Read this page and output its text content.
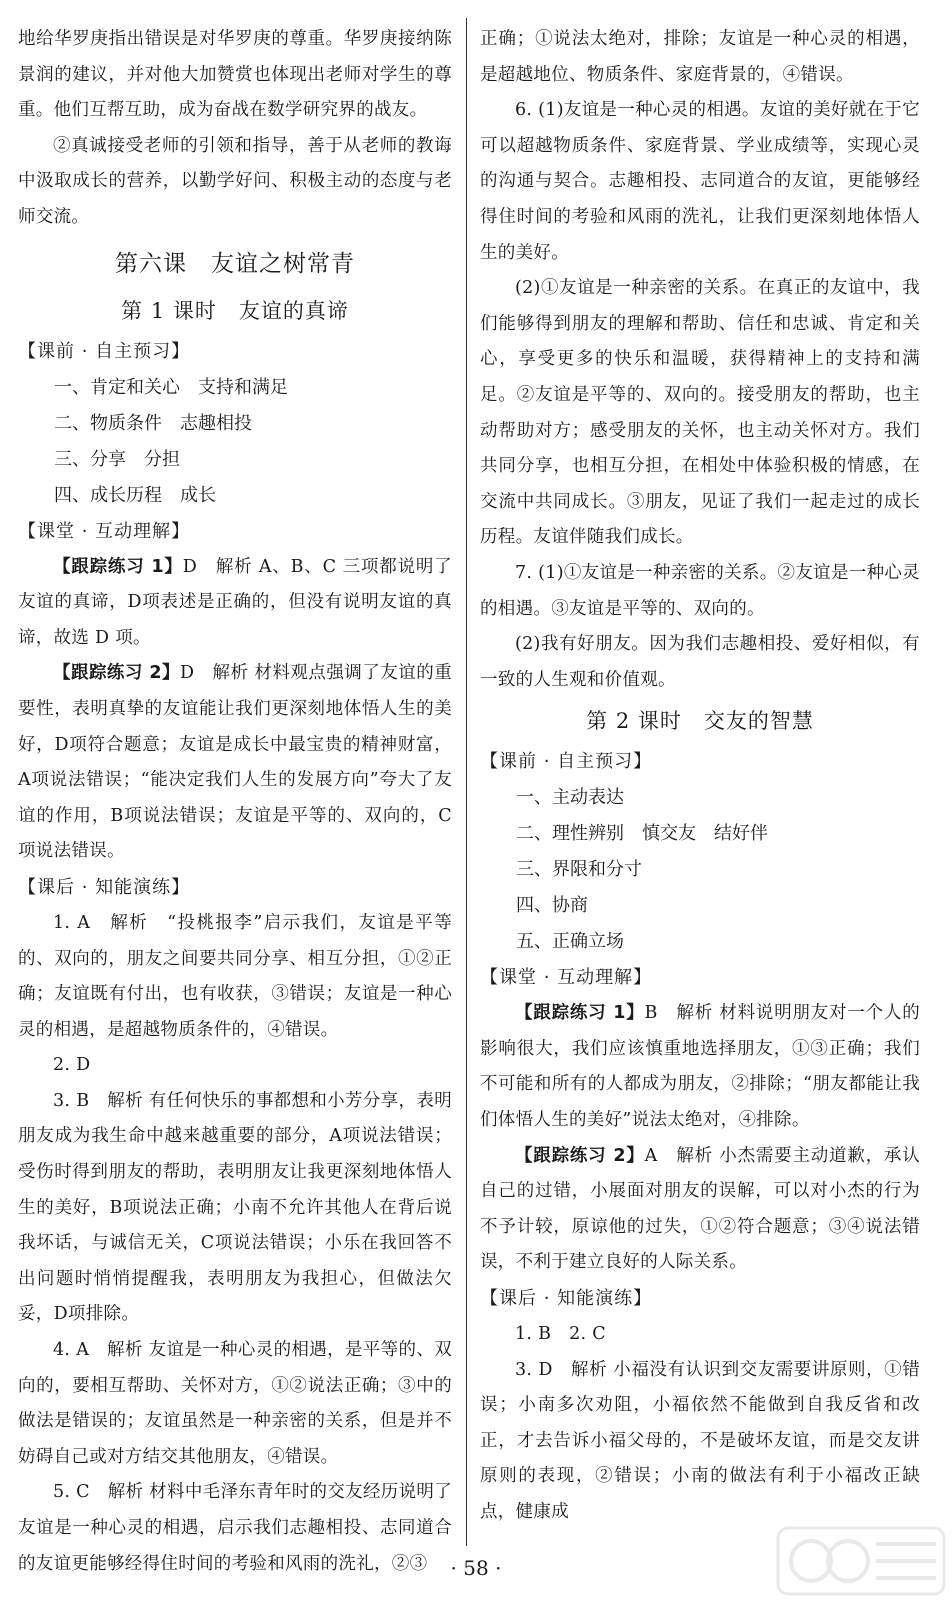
地给华罗庚指出错误是对华罗庚的尊重。华罗庚接纳陈景润的建议，并对他大加赞赏也体现出老师对学生的尊重。他们互帮互助，成为奋战在数学研究界的战友。

②真诚接受老师的引领和指导，善于从老师的教诲中汲取成长的营养，以勤学好问、积极主动的态度与老师交流。

第六课　友谊之树常青

第 1 课时　友谊的真谛

【课前 · 自主预习】

一、肯定和关心　支持和满足

二、物质条件　志趣相投

三、分享　分担

四、成长历程　成长

【课堂 · 互动理解】

【跟踪练习 1】D　解析 A、B、C 三项都说明了友谊的真谛，D项表述是正确的，但没有说明友谊的真谛，故选 D 项。

【跟踪练习 2】D　解析 材料观点强调了友谊的重要性，表明真挚的友谊能让我们更深刻地体悟人生的美好，D项符合题意；友谊是成长中最宝贵的精神财富，A项说法错误；“能决定我们人生的发展方向”夸大了友谊的作用，B项说法错误；友谊是平等的、双向的，C项说法错误。

【课后 · 知能演练】

1. A　解析　“投桃报李”启示我们，友谊是平等的、双向的，朋友之间要共同分享、相互分担，①②正确；友谊既有付出，也有收获，③错误；友谊是一种心灵的相遇，是超越物质条件的，④错误。

2. D

3. B　解析 有任何快乐的事都想和小芳分享，表明朋友成为我生命中越来越重要的部分，A项说法错误；受伤时得到朋友的帮助，表明朋友让我更深刻地体悟人生的美好，B项说法正确；小南不允许其他人在背后说我坏话，与诚信无关，C项说法错误；小乐在我回答不出问题时悄悄提醒我，表明朋友为我担心，但做法欠妥，D项排除。

4. A　解析 友谊是一种心灵的相遇，是平等的、双向的，要相互帮助、关怀对方，①②说法正确；③中的做法是错误的；友谊虽然是一种亲密的关系，但是并不妨碍自己或对方结交其他朋友，④错误。

5. C　解析 材料中毛泽东青年时的交友经历说明了友谊是一种心灵的相遇，启示我们志趣相投、志同道合的友谊更能够经得住时间的考验和风雨的洗礼，②③

正确；①说法太绝对，排除；友谊是一种心灵的相遇，是超越地位、物质条件、家庭背景的，④错误。

6. (1)友谊是一种心灵的相遇。友谊的美好就在于它可以超越物质条件、家庭背景、学业成绩等，实现心灵的沟通与契合。志趣相投、志同道合的友谊，更能够经得住时间的考验和风雨的洗礼，让我们更深刻地体悟人生的美好。

(2)①友谊是一种亲密的关系。在真正的友谊中，我们能够得到朋友的理解和帮助、信任和忠诚、肯定和关心，享受更多的快乐和温暖，获得精神上的支持和满足。②友谊是平等的、双向的。接受朋友的帮助，也主动帮助对方；感受朋友的关怀，也主动关怀对方。我们共同分享，也相互分担，在相处中体验积极的情感，在交流中共同成长。③朋友，见证了我们一起走过的成长历程。友谊伴随我们成长。

7. (1)①友谊是一种亲密的关系。②友谊是一种心灵的相遇。③友谊是平等的、双向的。

(2)我有好朋友。因为我们志趣相投、爱好相似，有一致的人生观和价值观。

第 2 课时　交友的智慧

【课前 · 自主预习】

一、主动表达

二、理性辨别　慎交友　结好伴

三、界限和分寸

四、协商

五、正确立场

【课堂 · 互动理解】

【跟踪练习 1】B　解析 材料说明朋友对一个人的影响很大，我们应该慎重地选择朋友，①③正确；我们不可能和所有的人都成为朋友，②排除；“朋友都能让我们体悟人生的美好”说法太绝对，④排除。

【跟踪练习 2】A　解析 小杰需要主动道歉，承认自己的过错，小展面对朋友的误解，可以对小杰的行为不予计较，原谅他的过失，①②符合题意；③④说法错误，不利于建立良好的人际关系。

【课后 · 知能演练】

1. B　2. C

3. D　解析 小福没有认识到交友需要讲原则，①错误；小南多次劝阻，小福依然不能做到自我反省和改正，才去告诉小福父母的，不是破坏友谊，而是交友讲原则的表现，②错误；小南的做法有利于小福改正缺点，健康成

· 58 ·
